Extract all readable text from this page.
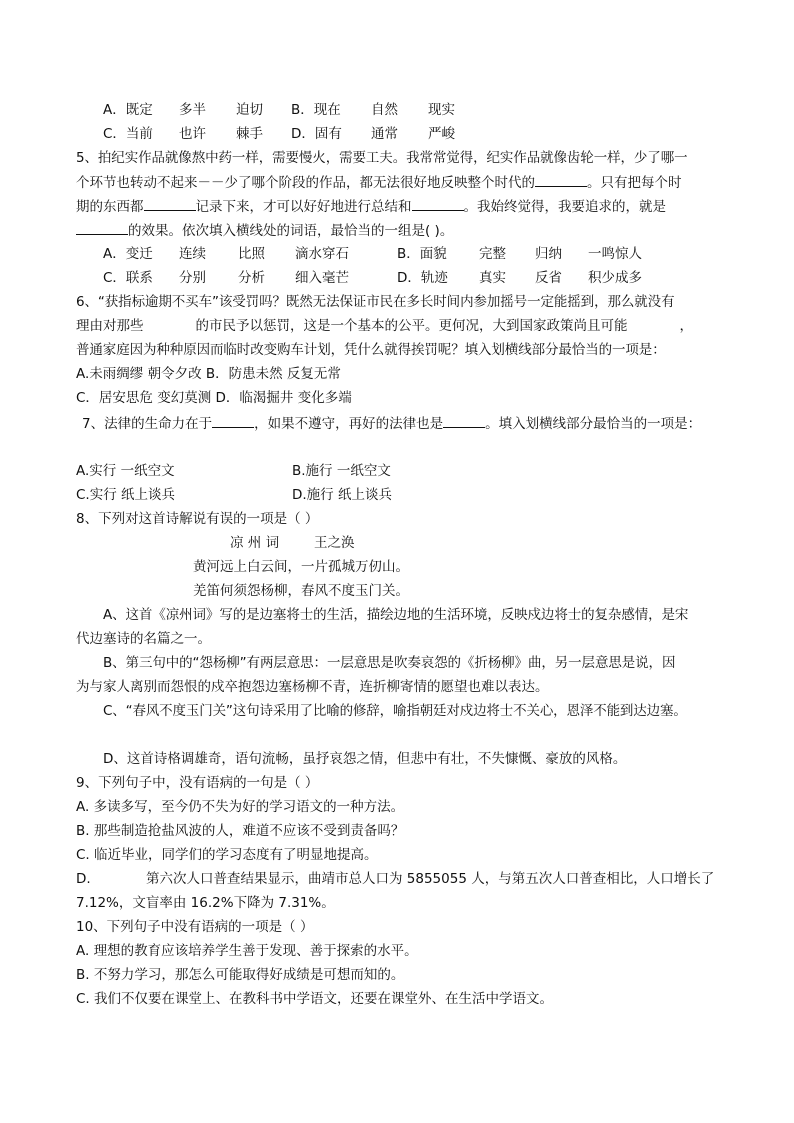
A．既定 多半 迫切 B．现在 自然 现实
C．当前 也许 棘手 D．固有 通常 严峻
5、拍纪实作品就像熬中药一样，需要慢火，需要工夫。我常常觉得，纪实作品就像齿轮一样，少了哪一
个环节也转动不起来－－少了哪个阶段的作品，都无法很好地反映整个时代的	。只有把每个时
期的东西都	记录下来，才可以好好地进行总结和	。我始终觉得，我要追求的，就是
的效果。依次填入横线处的词语，最恰当的一组是( )。
A．变迁 连续 比照 滴水穿石	B．面貌 完整 归纳 一鸣惊人
C．联系 分别 分析 细入毫芒	D．轨迹 真实 反省 积少成多
6、“获指标逾期不买车”该受罚吗？既然无法保证市民在多长时间内参加摇号一定能摇到，那么就没有
理由对那些	的市民予以惩罚，这是一个基本的公平。更何况，大到国家政策尚且可能	，
普通家庭因为种种原因而临时改变购车计划，凭什么就得挨罚呢？填入划横线部分最恰当的一项是：
A.未雨绸缪 朝令夕改 B．防患未然 反复无常
C．居安思危 变幻莫测 D．临渴掘井 变化多端
7、法律的生命力在于	，如果不遵守，再好的法律也是	。填入划横线部分最恰当的一项是：
A.实行 一纸空文	B.施行 一纸空文
C.实行 纸上谈兵	D.施行 纸上谈兵
8、下列对这首诗解说有误的一项是（ ）
凉 州 词	王之涣
黄河远上白云间，一片孤城万仞山。
羌笛何须怨杨柳，春风不度玉门关。
A、这首《凉州词》写的是边塞将士的生活，描绘边地的生活环境，反映戍边将士的复杂感情，是宋
代边塞诗的名篇之一。
B、第三句中的“怨杨柳”有两层意思：一层意思是吹奏哀怨的《折杨柳》曲，另一层意思是说，因
为与家人离别而怨恨的戍卒抱怨边塞杨柳不青，连折柳寄情的愿望也难以表达。
C、“春风不度玉门关”这句诗采用了比喻的修辞，喻指朝廷对戍边将士不关心，恩泽不能到达边塞。
D、这首诗格调雄奇，语句流畅，虽抒哀怨之情，但悲中有壮，不失慷慨、豪放的风格。
9、下列句子中，没有语病的一句是（ ）
A. 多读多写，至今仍不失为好的学习语文的一种方法。
B. 那些制造抢盐风波的人，难道不应该不受到责备吗？
C. 临近毕业，同学们的学习态度有了明显地提高。
D.	第六次人口普查结果显示，曲靖市总人口为 5855055 人，与第五次人口普查相比，人口增长了
7.12%，文盲率由 16.2%下降为 7.31%。
10、下列句子中没有语病的一项是（ ）
A. 理想的教育应该培养学生善于发现、善于探索的水平。
B. 不努力学习，那怎么可能取得好成绩是可想而知的。
C. 我们不仅要在课堂上、在教科书中学语文，还要在课堂外、在生活中学语文。
